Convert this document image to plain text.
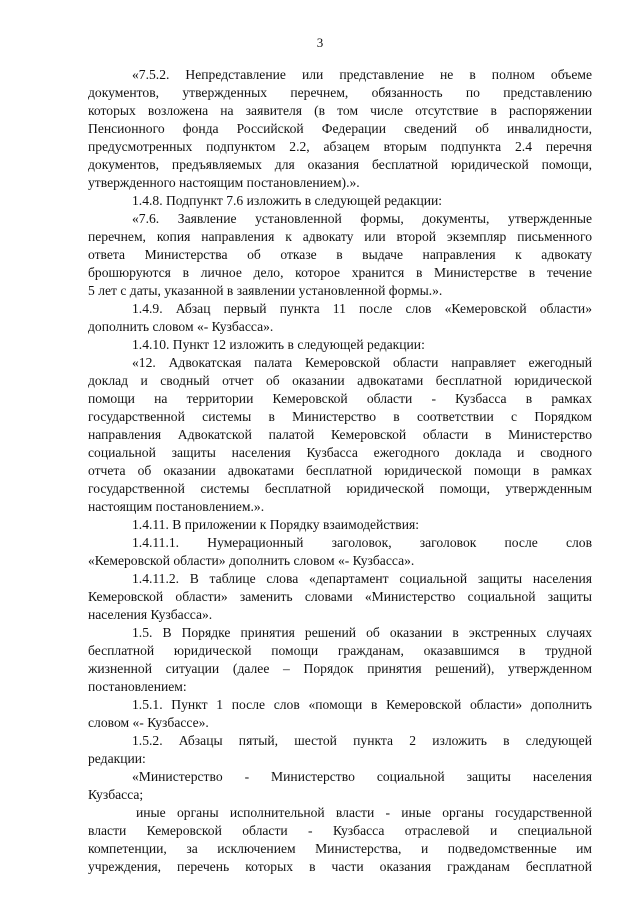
3
«7.5.2. Непредставление или представление не в полном объеме
документов, утвержденных перечнем, обязанность по представлению
которых возложена на заявителя (в том числе отсутствие в распоряжении
Пенсионного фонда Российской Федерации сведений об инвалидности,
предусмотренных подпунктом 2.2, абзацем вторым подпункта 2.4 перечня
документов, предъявляемых для оказания бесплатной юридической помощи,
утвержденного настоящим постановлением).».
1.4.8. Подпункт 7.6 изложить в следующей редакции:
«7.6. Заявление установленной формы, документы, утвержденные
перечнем, копия направления к адвокату или второй экземпляр письменного
ответа Министерства об отказе в выдаче направления к адвокату
брошюруются в личное дело, которое хранится в Министерстве в течение
5 лет с даты, указанной в заявлении установленной формы.».
1.4.9. Абзац первый пункта 11 после слов «Кемеровской области»
дополнить словом «- Кузбасса».
1.4.10. Пункт 12 изложить в следующей редакции:
«12. Адвокатская палата Кемеровской области направляет ежегодный
доклад и сводный отчет об оказании адвокатами бесплатной юридической
помощи на территории Кемеровской области - Кузбасса в рамках
государственной системы в Министерство в соответствии с Порядком
направления Адвокатской палатой Кемеровской области в Министерство
социальной защиты населения Кузбасса ежегодного доклада и сводного
отчета об оказании адвокатами бесплатной юридической помощи в рамках
государственной системы бесплатной юридической помощи, утвержденным
настоящим постановлением.».
1.4.11. В приложении к Порядку взаимодействия:
1.4.11.1. Нумерационный заголовок, заголовок после слов
«Кемеровской области» дополнить словом «- Кузбасса».
1.4.11.2. В таблице слова «департамент социальной защиты населения
Кемеровской области» заменить словами «Министерство социальной защиты
населения Кузбасса».
1.5. В Порядке принятия решений об оказании в экстренных случаях
бесплатной юридической помощи гражданам, оказавшимся в трудной
жизненной ситуации (далее – Порядок принятия решений), утвержденном
постановлением:
1.5.1. Пункт 1 после слов «помощи в Кемеровской области» дополнить
словом «- Кузбассе».
1.5.2. Абзацы пятый, шестой пункта 2 изложить в следующей
редакции:
«Министерство - Министерство социальной защиты населения
Кузбасса;
иные органы исполнительной власти - иные органы государственной
власти Кемеровской области - Кузбасса отраслевой и специальной
компетенции, за исключением Министерства, и подведомственные им
учреждения, перечень которых в части оказания гражданам бесплатной
